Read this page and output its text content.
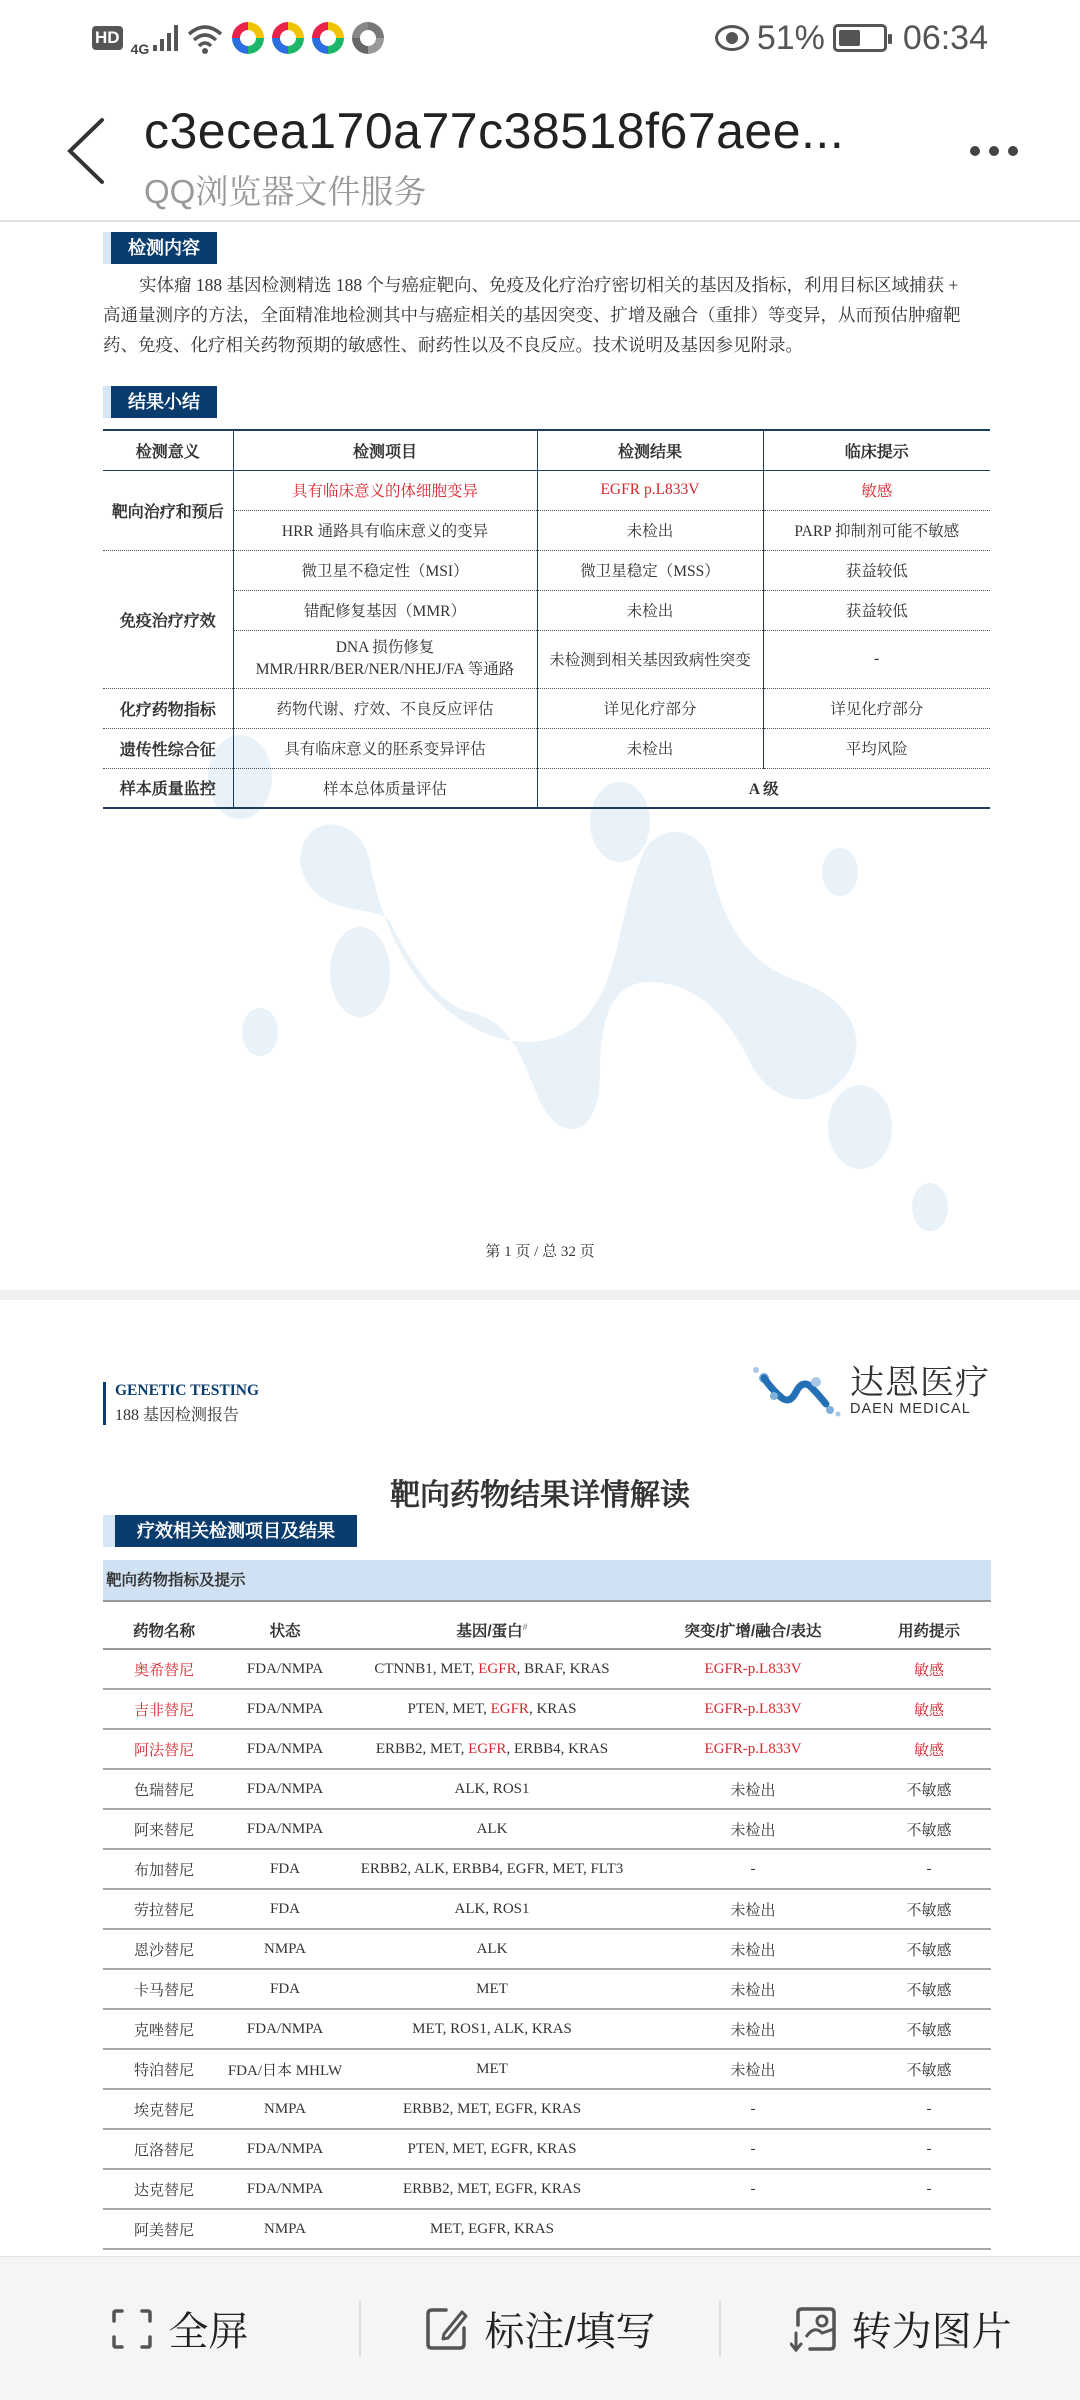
HD
4G	51% 06:34
c3ecea170a77c38518f67aee...
QQ浏览器文件服务
检测内容

实体瘤 188 基因检测精选 188 个与癌症靶向、免疫及化疗治疗密切相关的基因及指标，利用目标区域捕获 + 高通量测序的方法，全面精准地检测其中与癌症相关的基因突变、扩增及融合（重排）等变异，从而预估肿瘤靶药、免疫、化疗相关药物预期的敏感性、耐药性以及不良反应。技术说明及基因参见附录。

结果小结
检测意义	检测项目	检测结果	临床提示
靶向治疗和预后	具有临床意义的体细胞变异	EGFR p.L833V	敏感
	HRR 通路具有临床意义的变异	未检出	PARP 抑制剂可能不敏感
免疫治疗疗效	微卫星不稳定性（MSI）	微卫星稳定（MSS）	获益较低
	错配修复基因（MMR）	未检出	获益较低

	DNA 损伤修复
MMR/HRR/BER/NER/NHEJ/FA 等通路	未检测到相关基因致病性突变	-
化疗药物指标	药物代谢、疗效、不良反应评估	详见化疗部分	详见化疗部分
遗传性综合征	具有临床意义的胚系变异评估	未检出	平均风险
样本质量监控	样本总体质量评估	A 级	
第 1 页 / 总 32 页
GENETIC TESTING
188 基因检测报告
达恩医疗
DAEN MEDICAL
靶向药物结果详情解读
疗效相关检测项目及结果
靶向药物指标及提示
药物名称	状态	基因/蛋白#	突变/扩增/融合/表达	用药提示
奥希替尼	FDA/NMPA	CTNNB1, MET, EGFR, BRAF, KRAS	EGFR-p.L833V	敏感
吉非替尼	FDA/NMPA	PTEN, MET, EGFR, KRAS	EGFR-p.L833V	敏感
阿法替尼	FDA/NMPA	ERBB2, MET, EGFR, ERBB4, KRAS	EGFR-p.L833V	敏感
色瑞替尼	FDA/NMPA	ALK, ROS1	未检出	不敏感
阿来替尼	FDA/NMPA	ALK	未检出	不敏感
布加替尼	FDA	ERBB2, ALK, ERBB4, EGFR, MET, FLT3	-	-
劳拉替尼	FDA	ALK, ROS1	未检出	不敏感
恩沙替尼	NMPA	ALK	未检出	不敏感
卡马替尼	FDA	MET	未检出	不敏感
克唑替尼	FDA/NMPA	MET, ROS1, ALK, KRAS	未检出	不敏感
特泊替尼	FDA/日本 MHLW	MET	未检出	不敏感
埃克替尼	NMPA	ERBB2, MET, EGFR, KRAS	-	-
厄洛替尼	FDA/NMPA	PTEN, MET, EGFR, KRAS	-	-
达克替尼	FDA/NMPA	ERBB2, MET, EGFR, KRAS	-	-
阿美替尼	NMPA	MET, EGFR, KRAS		
全屏	标注/填写	转为图片
